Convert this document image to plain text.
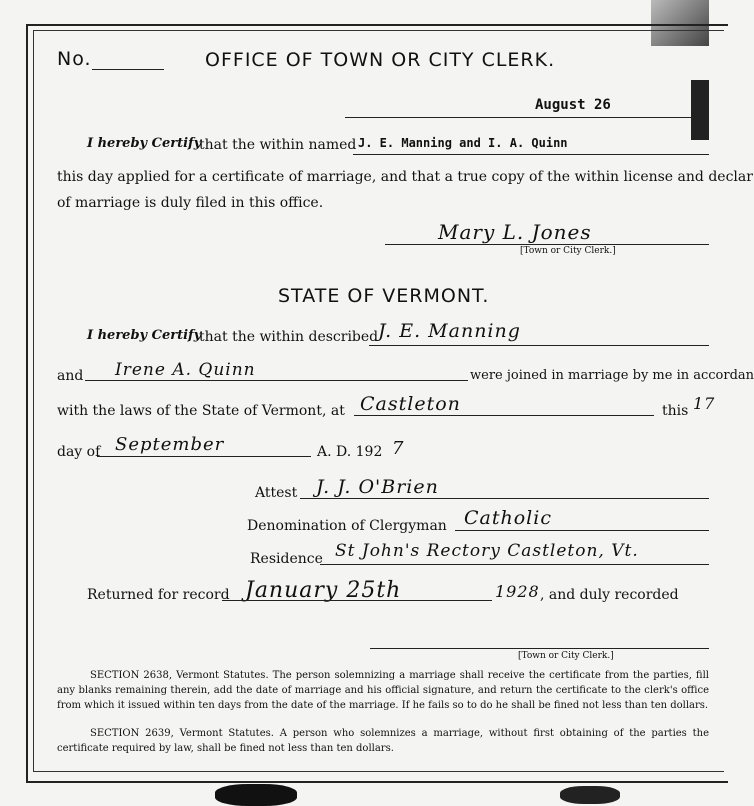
No.	OFFICE OF TOWN OR CITY CLERK.
August 26
I hereby Certify
that the within named J. E. Manning and I. A. Quinn
this day applied for a certificate of marriage, and that a true copy of the within license and declar
of marriage is duly filed in this office.
Mary L. Jones
[Town or City Clerk.]
STATE OF VERMONT.
I hereby Certify
that the within described J. E. Manning
and Irene A. Quinn	were joined in marriage by me in accordan
with the laws of the State of Vermont, at Castleton	this 17
day of September	A. D. 192 7
Attest J. J. O'Brien
Denomination of Clergyman Catholic
Residence St John's Rectory Castleton, Vt.
Returned for record January 25th	1928 , and duly recorded
[Town or City Clerk.]
SECTION 2638, Vermont Statutes. The person solemnizing a marriage shall receive the certificate from the parties, fill any blanks remaining therein, add the date of marriage and his official signature, and return the certificate to the clerk's office from which it issued within ten days from the date of the marriage. If he fails so to do he shall be fined not less than ten dollars.
SECTION 2639, Vermont Statutes. A person who solemnizes a marriage, without first obtaining of the parties the certificate required by law, shall be fined not less than ten dollars.
